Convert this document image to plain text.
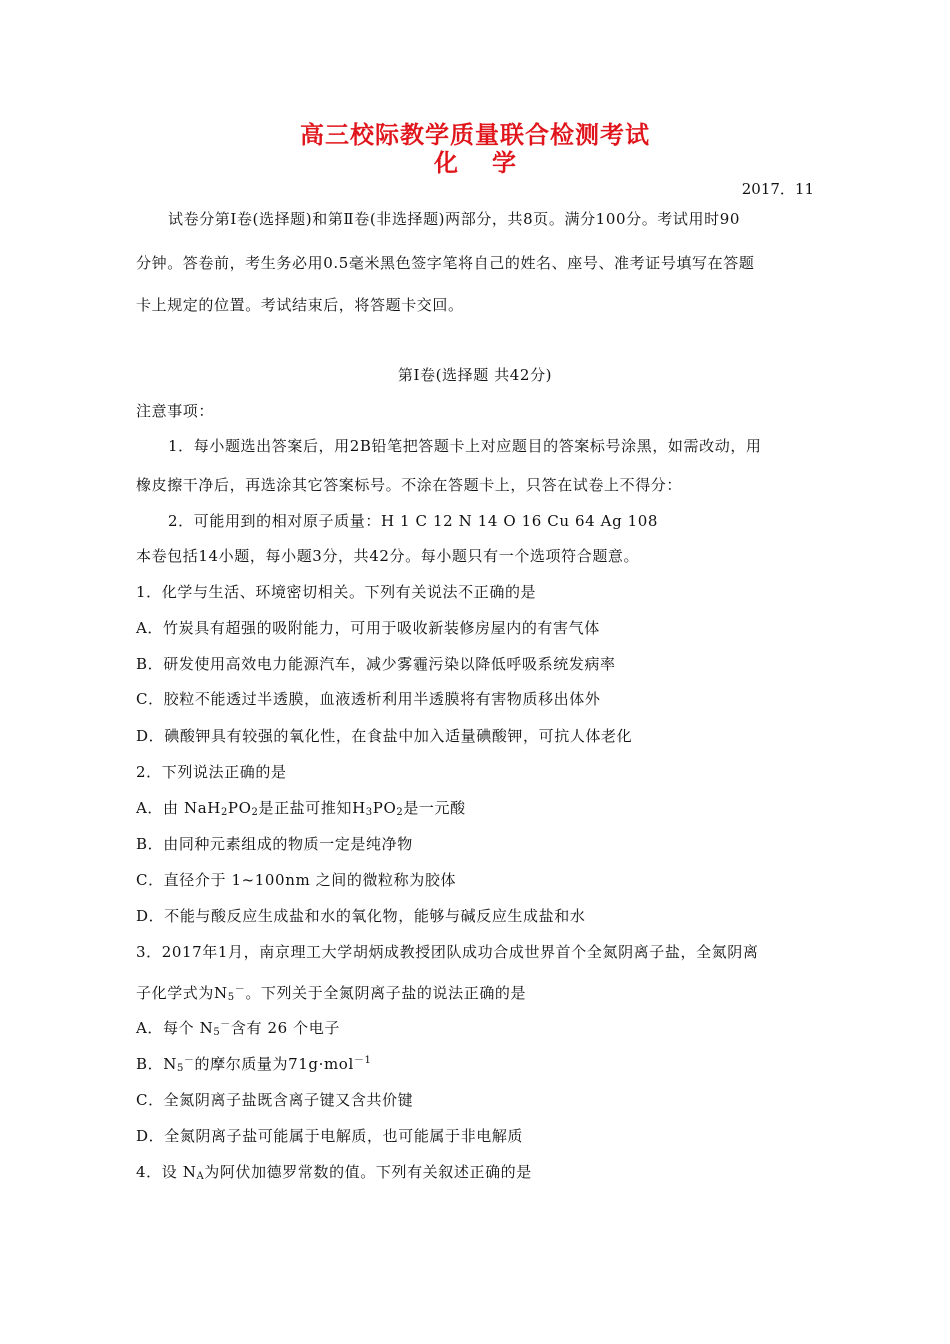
高三校际教学质量联合检测考试
化 学
2017．11
试卷分第Ⅰ卷(选择题)和第Ⅱ卷(非选择题)两部分，共8页。满分100分。考试用时90
分钟。答卷前，考生务必用0.5毫米黑色签字笔将自己的姓名、座号、准考证号填写在答题
卡上规定的位置。考试结束后，将答题卡交回。
第Ⅰ卷(选择题 共42分)
注意事项：
1．每小题选出答案后，用2B铅笔把答题卡上对应题目的答案标号涂黑，如需改动，用
橡皮擦干净后，再选涂其它答案标号。不涂在答题卡上，只答在试卷上不得分：
2．可能用到的相对原子质量：H 1 C 12 N 14 O 16 Cu 64 Ag 108
本卷包括14小题，每小题3分，共42分。每小题只有一个选项符合题意。
1．化学与生活、环境密切相关。下列有关说法不正确的是
A．竹炭具有超强的吸附能力，可用于吸收新装修房屋内的有害气体
B．研发使用高效电力能源汽车，减少雾霾污染以降低呼吸系统发病率
C．胶粒不能透过半透膜，血液透析利用半透膜将有害物质移出体外
D．碘酸钾具有较强的氧化性，在食盐中加入适量碘酸钾，可抗人体老化
2．下列说法正确的是
A．由 $NaH_2PO_2$是正盐可推知$H_3PO_2$是一元酸
B．由同种元素组成的物质一定是纯净物
C．直径介于 1~100nm 之间的微粒称为胶体
D．不能与酸反应生成盐和水的氧化物，能够与碱反应生成盐和水
3．2017年1月，南京理工大学胡炳成教授团队成功合成世界首个全氮阴离子盐，全氮阴离
子化学式为$N_5^-$。下列关于全氮阴离子盐的说法正确的是
A．每个 $N_5^-$含有 26 个电子
B．$N_5^-$的摩尔质量为71g·mol$^{-1}$
C．全氮阴离子盐既含离子键又含共价键
D．全氮阴离子盐可能属于电解质，也可能属于非电解质
4．设 $N_A$为阿伏加德罗常数的值。下列有关叙述正确的是
